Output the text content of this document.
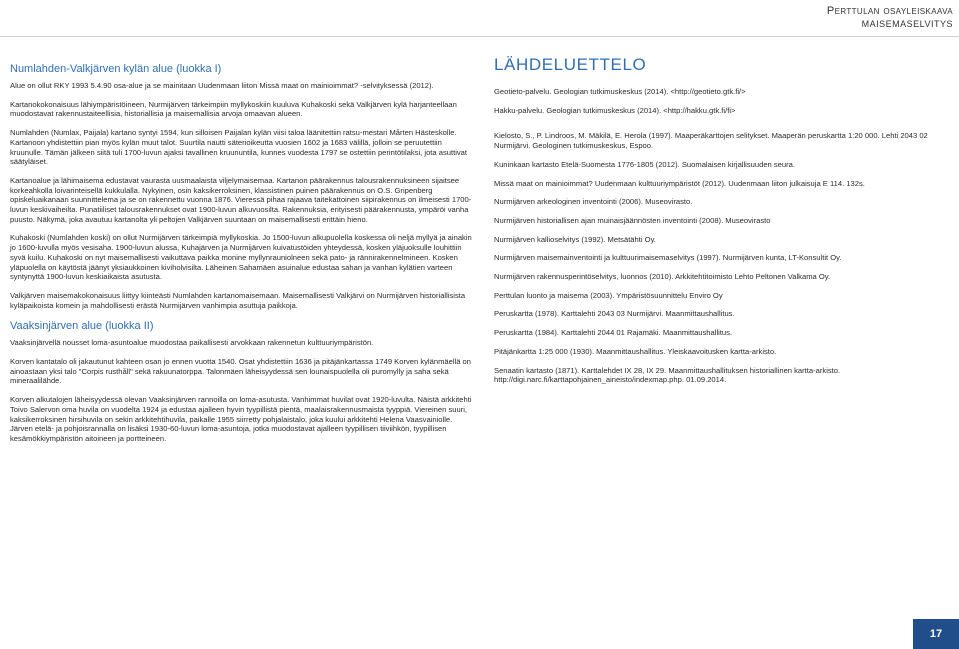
Perttulan osayleiskaava
MAISEMASELVITYS
Numlahden-Valkjärven kylän alue (luokka I)

Alue on ollut RKY 1993 5.4.90 osa-alue ja se mainitaan Uudenmaan liiton Missä maat on mainioimmat? -selvityksessä (2012).

Kartanokokonaisuus lähiympäristöineen, Nurmijärven tärkeimpiin myllykoskiin kuuluva Kuhakoski sekä Valkjärven kylä harjanteellaan muodostavat rakennustaiteellisia, historiallisia ja maisemallisia arvoja omaavan alueen.

Numlahden (Numlax, Paijala) kartano syntyi 1594, kun silloisen Paijalan kylän viisi taloa läänitettiin ratsu-mestari Mårten Hästeskolle. Kartanoon yhdistettiin pian myös kylän muut talot. Suurtila nautti säterioikeutta vuosien 1602 ja 1683 välillä, jolloin se peruutettiin kruunulle. Tämän jälkeen siitä tuli 1700-luvun ajaksi tavallinen kruununtila, kunnes vuodesta 1797 se ostettiin perintötilaksi, jota asuttivat säätyläiset.

Kartanoalue ja lähimaisema edustavat vaurasta uusmaalaista viljelymaisemaa. Kartanon päärakennus talousrakennuksineen sijaitsee korkeahkolla loivarinteisellä kukkulalla. Nykyinen, osin kaksikerroksinen, klassistinen puinen päärakennus on O.S. Gripenberg opiskeluaikanaan suunnittelema ja se on rakennettu vuonna 1876. Vieressä pihaa rajaava taitekattoinen siipirakennus on ilmeisesti 1700-luvun keskivaiheilta. Punatiiliset talousrakennukset ovat 1900-luvun alkuvuosilta. Rakennuksia, erityisesti päärakennusta, ympäröi vanha puusto. Näkymä, joka avautuu kartanolta yli peltojen Valkjärven suuntaan on maisemallisesti erittäin hieno.

Kuhakoski (Numlahden koski) on ollut Nurmijärven tärkeimpiä myllykoskia. Jo 1500-luvun alkupuolella koskessa oli neljä myllyä ja ainakin jo 1600-luvulla myös vesisaha. 1900-luvun alussa, Kuhajärven ja Nurmijärven kuivatustöiden yhteydessä, kosken yläjuoksulle louhittiin syvä kuilu. Kuhakoski on nyt maisemallisesti vaikuttava paikka monine myllynrauniolneen sekä pato- ja rännirakennelmineen. Kosken yläpuolella on käytöstä jäänyt yksiaukkoinen kiviholvisilta. Läheinen Sahamäen asuinalue edustaa sahan ja vanhan kylätien varteen syntynyttä 1900-luvun keskiaikaista asutusta.

Valkjärven maisemakokonaisuus liittyy kiinteästi Numlahden kartanomaisemaan. Maisemallisesti Valkjärvi on Nurmijärven historiallisista kyläpaikoista komein ja mahdollisesti erästä Nurmijärven vanhimpia asuttuja paikkoja.

Vaaksinjärven alue (luokka II)

Vaaksinjärvellä nousset loma-asuntoalue muodostaa paikallisesti arvokkaan rakennetun kulttuuriympäristön.

Korven kantatalo oli jakautunut kahteen osan jo ennen vuotta 1540. Osat yhdistettiin 1636 ja pitäjänkartassa 1749 Korven kylänmäellä on ainoastaan yksi talo "Corpis rusthåll" sekä rakuunatorppa. Talonmäen läheisyydessä sen lounaispuolella oli puromylly ja saha sekä mineraalilähde.

Korven alkutalojen läheisyydessä olevan Vaaksinjärven rannoilla on loma-asutusta. Vanhimmat huvilat ovat 1920-luvulta. Näistä arkkitehti Toivo Salervon oma huvila on vuodelta 1924 ja edustaa ajalleen hyvin tyypillistä pientä, maalaisrakennusmaista tyyppiä. Viereinen suuri, kaksikerroksinen hirsihuvila on sekin arkkitehtihuvila, paikalle 1955 siirretty pohjalaistalo, joka kuului arkkitehti Helena Vaasvainiolle. Järven etelä- ja pohjoisrannalla on lisäksi 1930-60-luvun loma-asuntoja, jotka muodostavat ajalleen tyypillisen tiiviihkön, tyypillisen kesämökkiympäristön aitoineen ja portteineen.

LÄHDELUETTELO

Geotieto-palvelu. Geologian tutkimuskeskus (2014). <http://geotieto.gtk.fi/>

Hakku-palvelu. Geologian tutkimuskeskus (2014). <http://hakku.gtk.fi/fi>

Kielosto, S., P. Lindroos, M. Mäkilä, E. Herola (1997). Maaperäkarttojen selitykset. Maaperän peruskartta 1:20 000. Lehti 2043 02 Nurmijärvi. Geologinen tutkimuskeskus, Espoo.

Kuninkaan kartasto Etelä-Suomesta 1776-1805 (2012). Suomalaisen kirjallisuuden seura.

Missä maat on mainioimmat? Uudenmaan kulttuuriympäristöt (2012). Uudenmaan liiton julkaisuja E 114. 132s.

Nurmijärven arkeologinen inventointi (2006). Museovirasto.

Nurmijärven historiallisen ajan muinaisjäännösten inventointi (2008). Museovirasto

Nurmijärven kallioselvitys (1992). Metsätähti Oy.

Nurmijärven maisemainventointi ja kulttuurimaisemaselvitys (1997). Nurmijärven kunta, LT-Konsultit Oy.

Nurmijärven rakennusperintöselvitys, luonnos (2010). Arkkitehtitoimisto Lehto Peltonen Valkama Oy.

Perttulan luonto ja maisema (2003). Ympäristösuunnittelu Enviro Oy

Peruskartta (1978). Karttalehti 2043 03 Nurmijärvi. Maanmittaushallitus.

Peruskartta (1984). Karttalehti 2044 01 Rajamäki. Maanmittaushallitus.

Pitäjänkartta 1:25 000 (1930). Maanmittaushallitus. Yleiskaavoitusken kartta-arkisto.

Senaatin kartasto (1871). Karttalehdet IX 28, IX 29. Maanmittaushallituksen historiallinen kartta-arkisto. http://digi.narc.fi/karttapohjainen_aineisto/indexmap.php. 01.09.2014.

17
